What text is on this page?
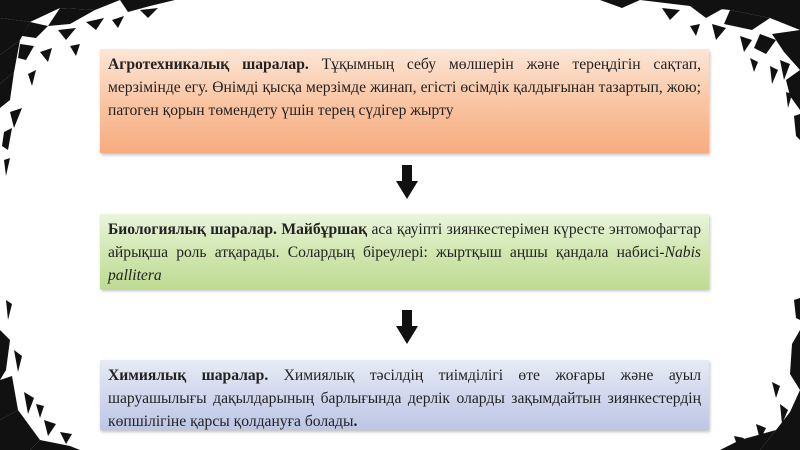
Агротехникалық шаралар. Тұқымның себу мөлшерін және тереңдігін сақтап, мерзімінде егу. Өнімді қысқа мерзімде жинап, егісті өсімдік қалдығынан тазартып, жою; патоген қорын төмендету үшін терең сүдігер жырту
Биологиялық шаралар. Майбұршақ аса қауіпті зиянкестерімен күресте энтомофагтар айрықша роль атқарады. Солардың біреулері: жыртқыш аңшы қандала набисі-Nabis pallitera
Химиялық шаралар. Химиялық тәсілдің тиімділігі өте жоғары және ауыл шаруашылығы дақылдарының барлығында дерлік оларды зақымдайтын зиянкестердің көпшілігіне қарсы қолдануға болады.
